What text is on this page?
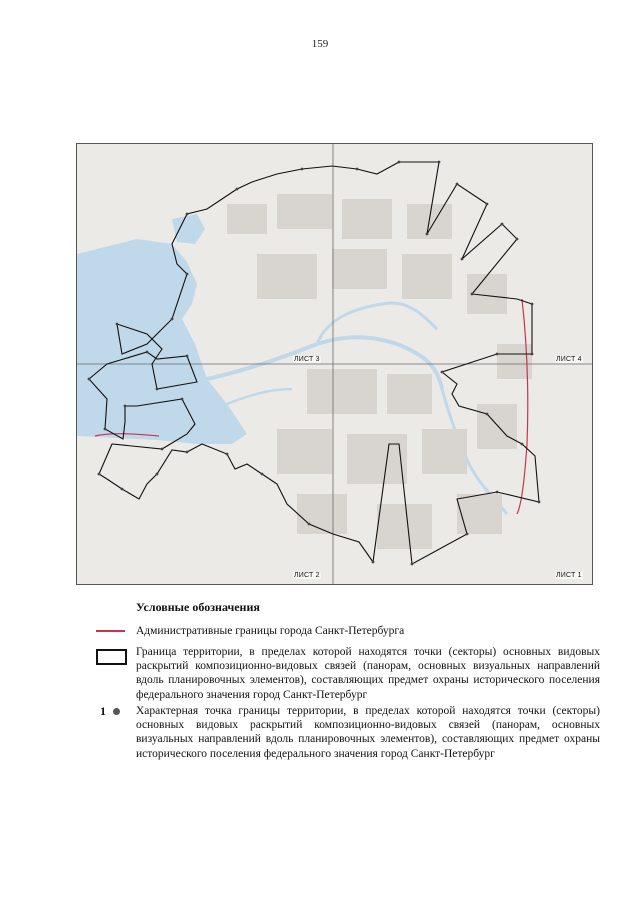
159
ЛИСТ 3	ЛИСТ 4
ЛИСТ 2	ЛИСТ 1
Условные обозначения
Административные границы города Санкт-Петербурга
Граница территории, в пределах которой находятся точки (секторы) основных видовых раскрытий композиционно-видовых связей (панорам, основных визуальных направлений вдоль планировочных элементов), составляющих предмет охраны исторического поселения федерального значения город Санкт-Петербург
1	Характерная точка границы территории, в пределах которой находятся точки (секторы) основных видовых раскрытий композиционно-видовых связей (панорам, основных визуальных направлений вдоль планировочных элементов), составляющих предмет охраны исторического поселения федерального значения город Санкт-Петербург
